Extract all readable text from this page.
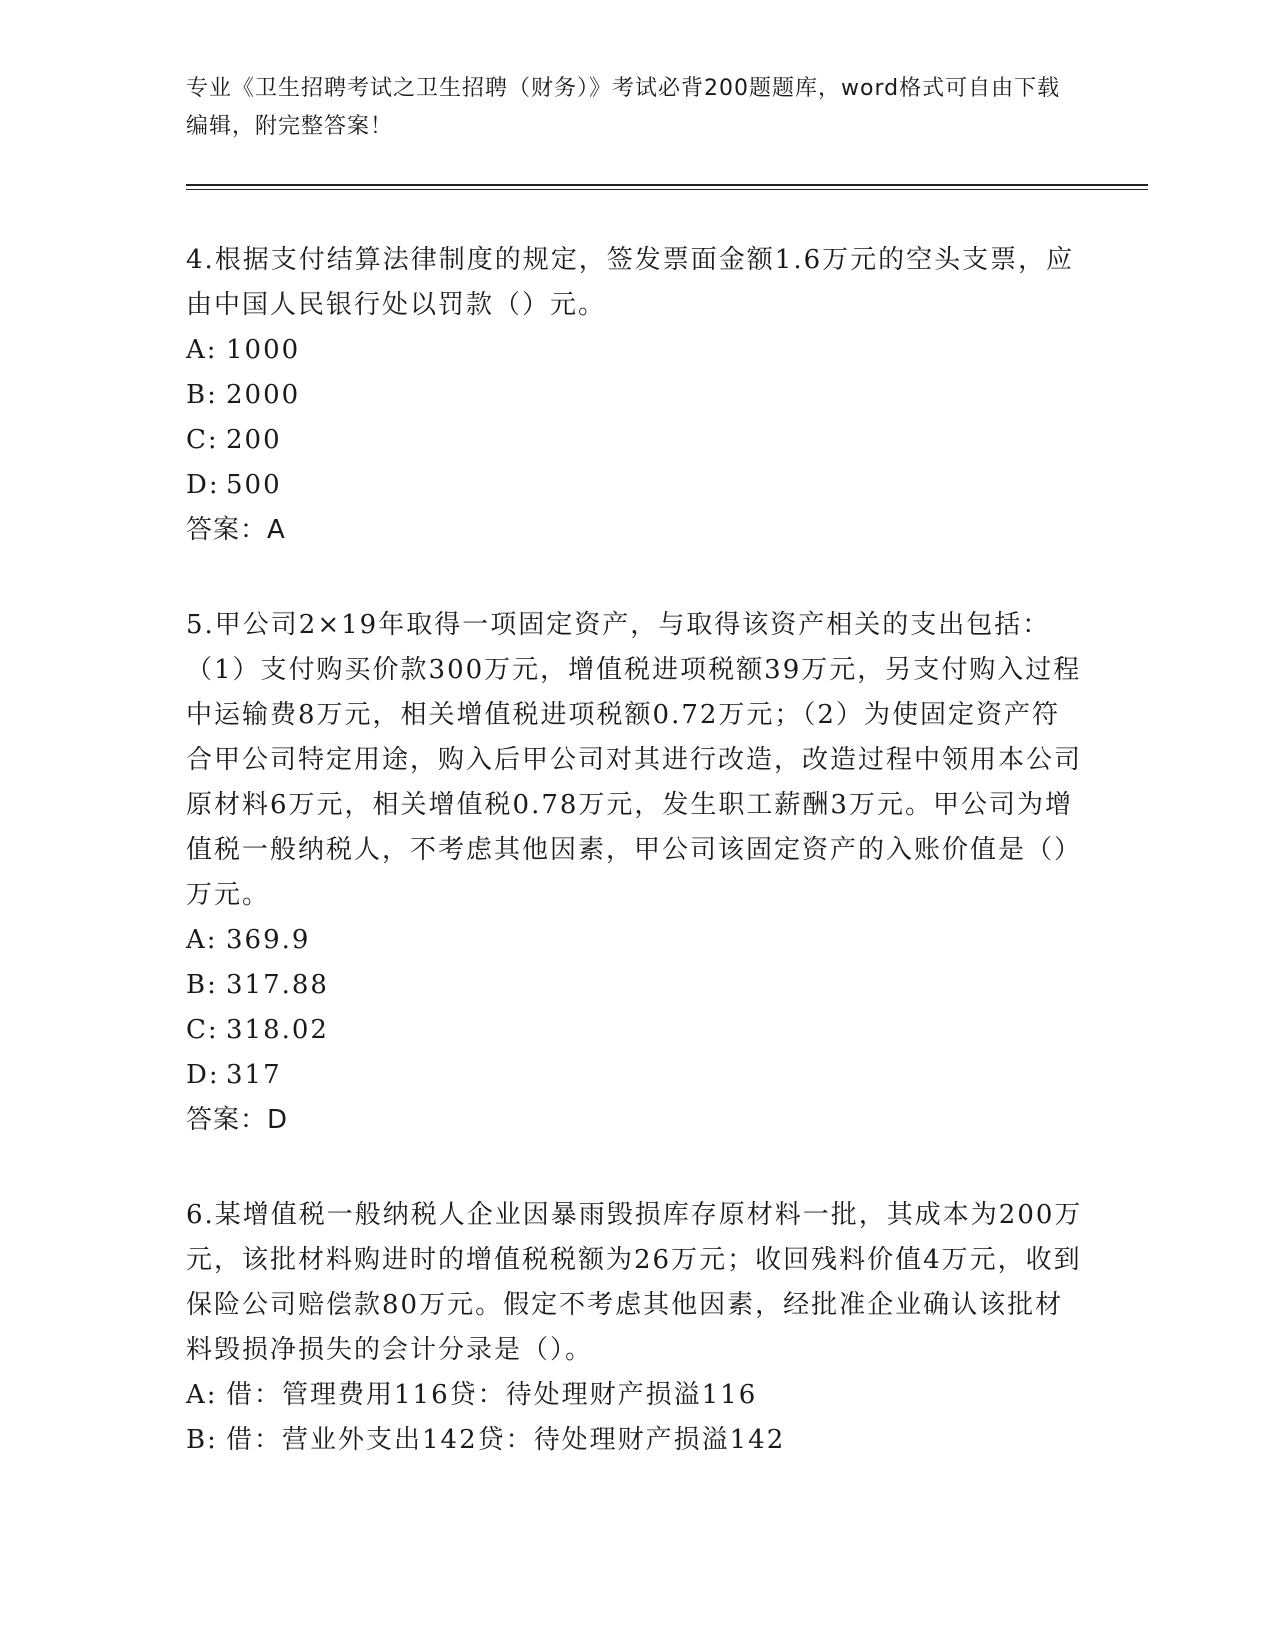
专业《卫生招聘考试之卫生招聘（财务）》考试必背200题题库，word格式可自由下载编辑，附完整答案！

4.根据支付结算法律制度的规定，签发票面金额1.6万元的空头支票，应由中国人民银行处以罚款（）元。

A: 1000

B: 2000

C: 200

D: 500

答案：A

5.甲公司2×19年取得一项固定资产，与取得该资产相关的支出包括：（1）支付购买价款300万元，增值税进项税额39万元，另支付购入过程中运输费8万元，相关增值税进项税额0.72万元；（2）为使固定资产符合甲公司特定用途，购入后甲公司对其进行改造，改造过程中领用本公司原材料6万元，相关增值税0.78万元，发生职工薪酬3万元。甲公司为增值税一般纳税人，不考虑其他因素，甲公司该固定资产的入账价值是（）万元。

A: 369.9

B: 317.88

C: 318.02

D: 317

答案：D

6.某增值税一般纳税人企业因暴雨毁损库存原材料一批，其成本为200万元，该批材料购进时的增值税税额为26万元；收回残料价值4万元，收到保险公司赔偿款80万元。假定不考虑其他因素，经批准企业确认该批材料毁损净损失的会计分录是（）。

A: 借：管理费用116贷：待处理财产损溢116

B: 借：营业外支出142贷：待处理财产损溢142
